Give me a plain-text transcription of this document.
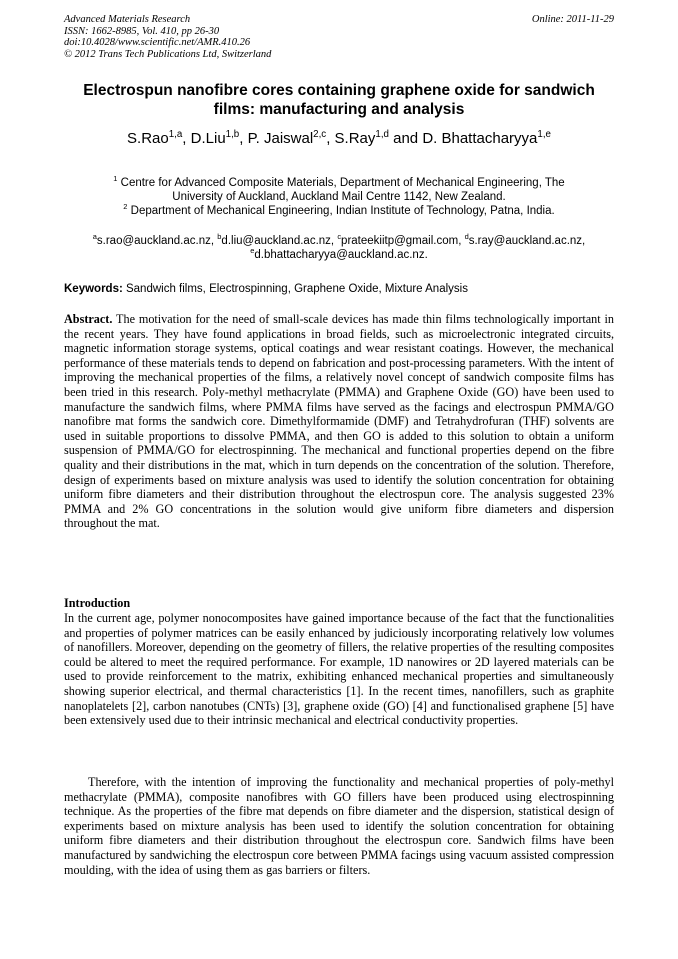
Advanced Materials Research
ISSN: 1662-8985, Vol. 410, pp 26-30
doi:10.4028/www.scientific.net/AMR.410.26
© 2012 Trans Tech Publications Ltd, Switzerland
Online: 2011-11-29
Electrospun nanofibre cores containing graphene oxide for sandwich films: manufacturing and analysis
S.Rao$^{1,a}$, D.Liu$^{1,b}$, P. Jaiswal$^{2,c}$, S.Ray$^{1,d}$ and D. Bhattacharyya$^{1,e}$
$^1$ Centre for Advanced Composite Materials, Department of Mechanical Engineering, The
University of Auckland, Auckland Mail Centre 1142, New Zealand.
$^2$ Department of Mechanical Engineering, Indian Institute of Technology, Patna, India.
$^a$s.rao@auckland.ac.nz, $^b$d.liu@auckland.ac.nz, $^c$prateekiitp@gmail.com, $^d$s.ray@auckland.ac.nz,
$^e$d.bhattacharyya@auckland.ac.nz.
Keywords: Sandwich films, Electrospinning, Graphene Oxide, Mixture Analysis

Abstract. The motivation for the need of small-scale devices has made thin films technologically important in the recent years. They have found applications in broad fields, such as microelectronic integrated circuits, magnetic information storage systems, optical coatings and wear resistant coatings. However, the mechanical performance of these materials tends to depend on fabrication and post-processing parameters. With the intent of improving the mechanical properties of the films, a relatively novel concept of sandwich composite films has been tried in this research. Poly-methyl methacrylate (PMMA) and Graphene Oxide (GO) have been used to manufacture the sandwich films, where PMMA films have served as the facings and electrospun PMMA/GO nanofibre mat forms the sandwich core. Dimethylformamide (DMF) and Tetrahydrofuran (THF) solvents are used in suitable proportions to dissolve PMMA, and then GO is added to this solution to obtain a uniform suspension of PMMA/GO for electrospinning. The mechanical and functional properties depend on the fibre quality and their distributions in the mat, which in turn depends on the concentration of the solution. Therefore, design of experiments based on mixture analysis was used to identify the solution concentration for obtaining uniform fibre diameters and their distribution throughout the electrospun core. The analysis suggested 23% PMMA and 2% GO concentrations in the solution would give uniform fibre diameters and dispersion throughout the mat.

Introduction

In the current age, polymer nonocomposites have gained importance because of the fact that the functionalities and properties of polymer matrices can be easily enhanced by judiciously incorporating relatively low volumes of nanofillers. Moreover, depending on the geometry of fillers, the relative properties of the resulting composites could be altered to meet the required performance. For example, 1D nanowires or 2D layered materials can be used to provide reinforcement to the matrix, exhibiting enhanced mechanical properties and simultaneously showing superior electrical, and thermal characteristics [1]. In the recent times, nanofillers, such as graphite nanoplatelets [2], carbon nanotubes (CNTs) [3], graphene oxide (GO) [4] and functionalised graphene [5] have been extensively used due to their intrinsic mechanical and electrical conductivity properties.

Therefore, with the intention of improving the functionality and mechanical properties of poly-methyl methacrylate (PMMA), composite nanofibres with GO fillers have been produced using electrospinning technique. As the properties of the fibre mat depends on fibre diameter and the dispersion, statistical design of experiments based on mixture analysis has been used to identify the solution concentration for obtaining uniform fibre diameters and their distribution throughout the electrospun core. Sandwich films have been manufactured by sandwiching the electrospun core between PMMA facings using vacuum assisted compression moulding, with the idea of using them as gas barriers or filters.
